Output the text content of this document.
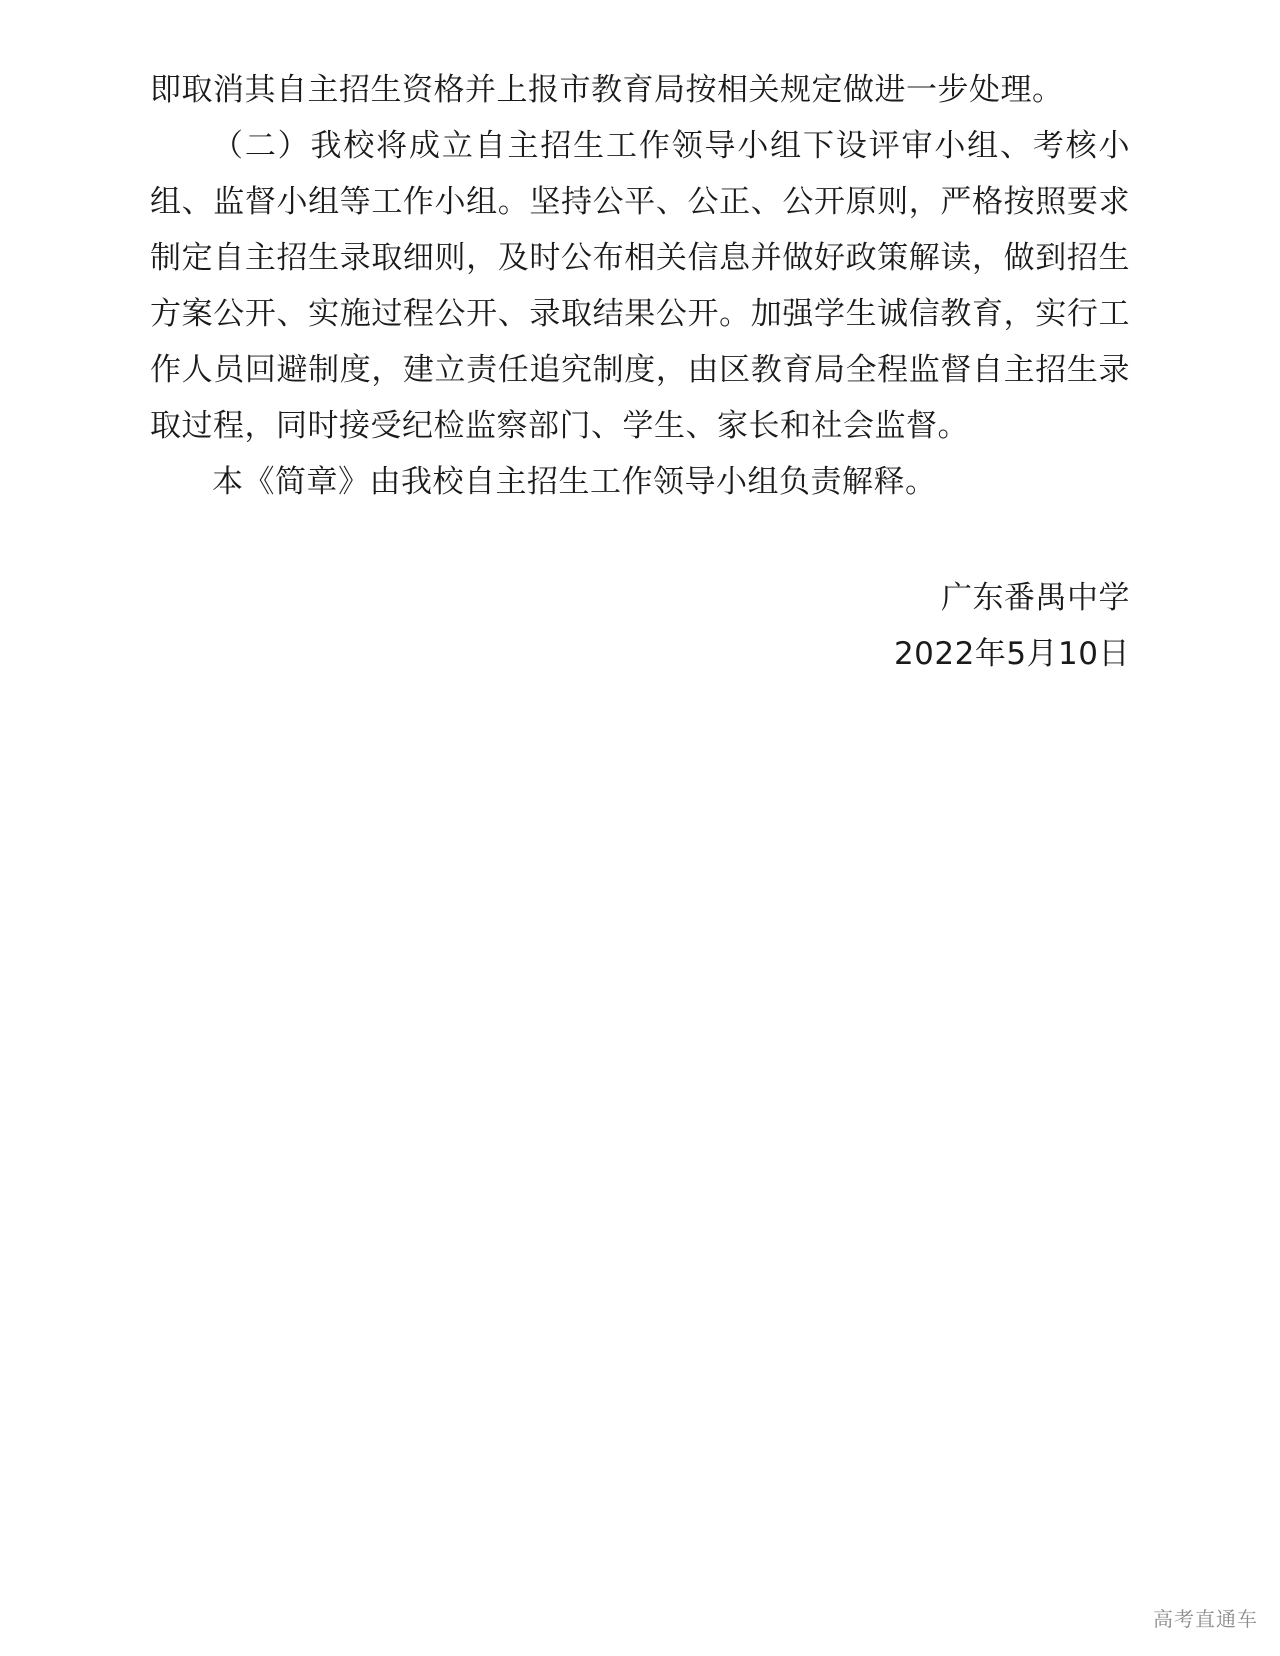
即取消其自主招生资格并上报市教育局按相关规定做进一步处理。

（二）我校将成立自主招生工作领导小组下设评审小组、考核小组、监督小组等工作小组。坚持公平、公正、公开原则，严格按照要求制定自主招生录取细则，及时公布相关信息并做好政策解读，做到招生方案公开、实施过程公开、录取结果公开。加强学生诚信教育，实行工作人员回避制度，建立责任追究制度，由区教育局全程监督自主招生录取过程，同时接受纪检监察部门、学生、家长和社会监督。

本《简章》由我校自主招生工作领导小组负责解释。

广东番禺中学
2022年5月10日
高考直通车
